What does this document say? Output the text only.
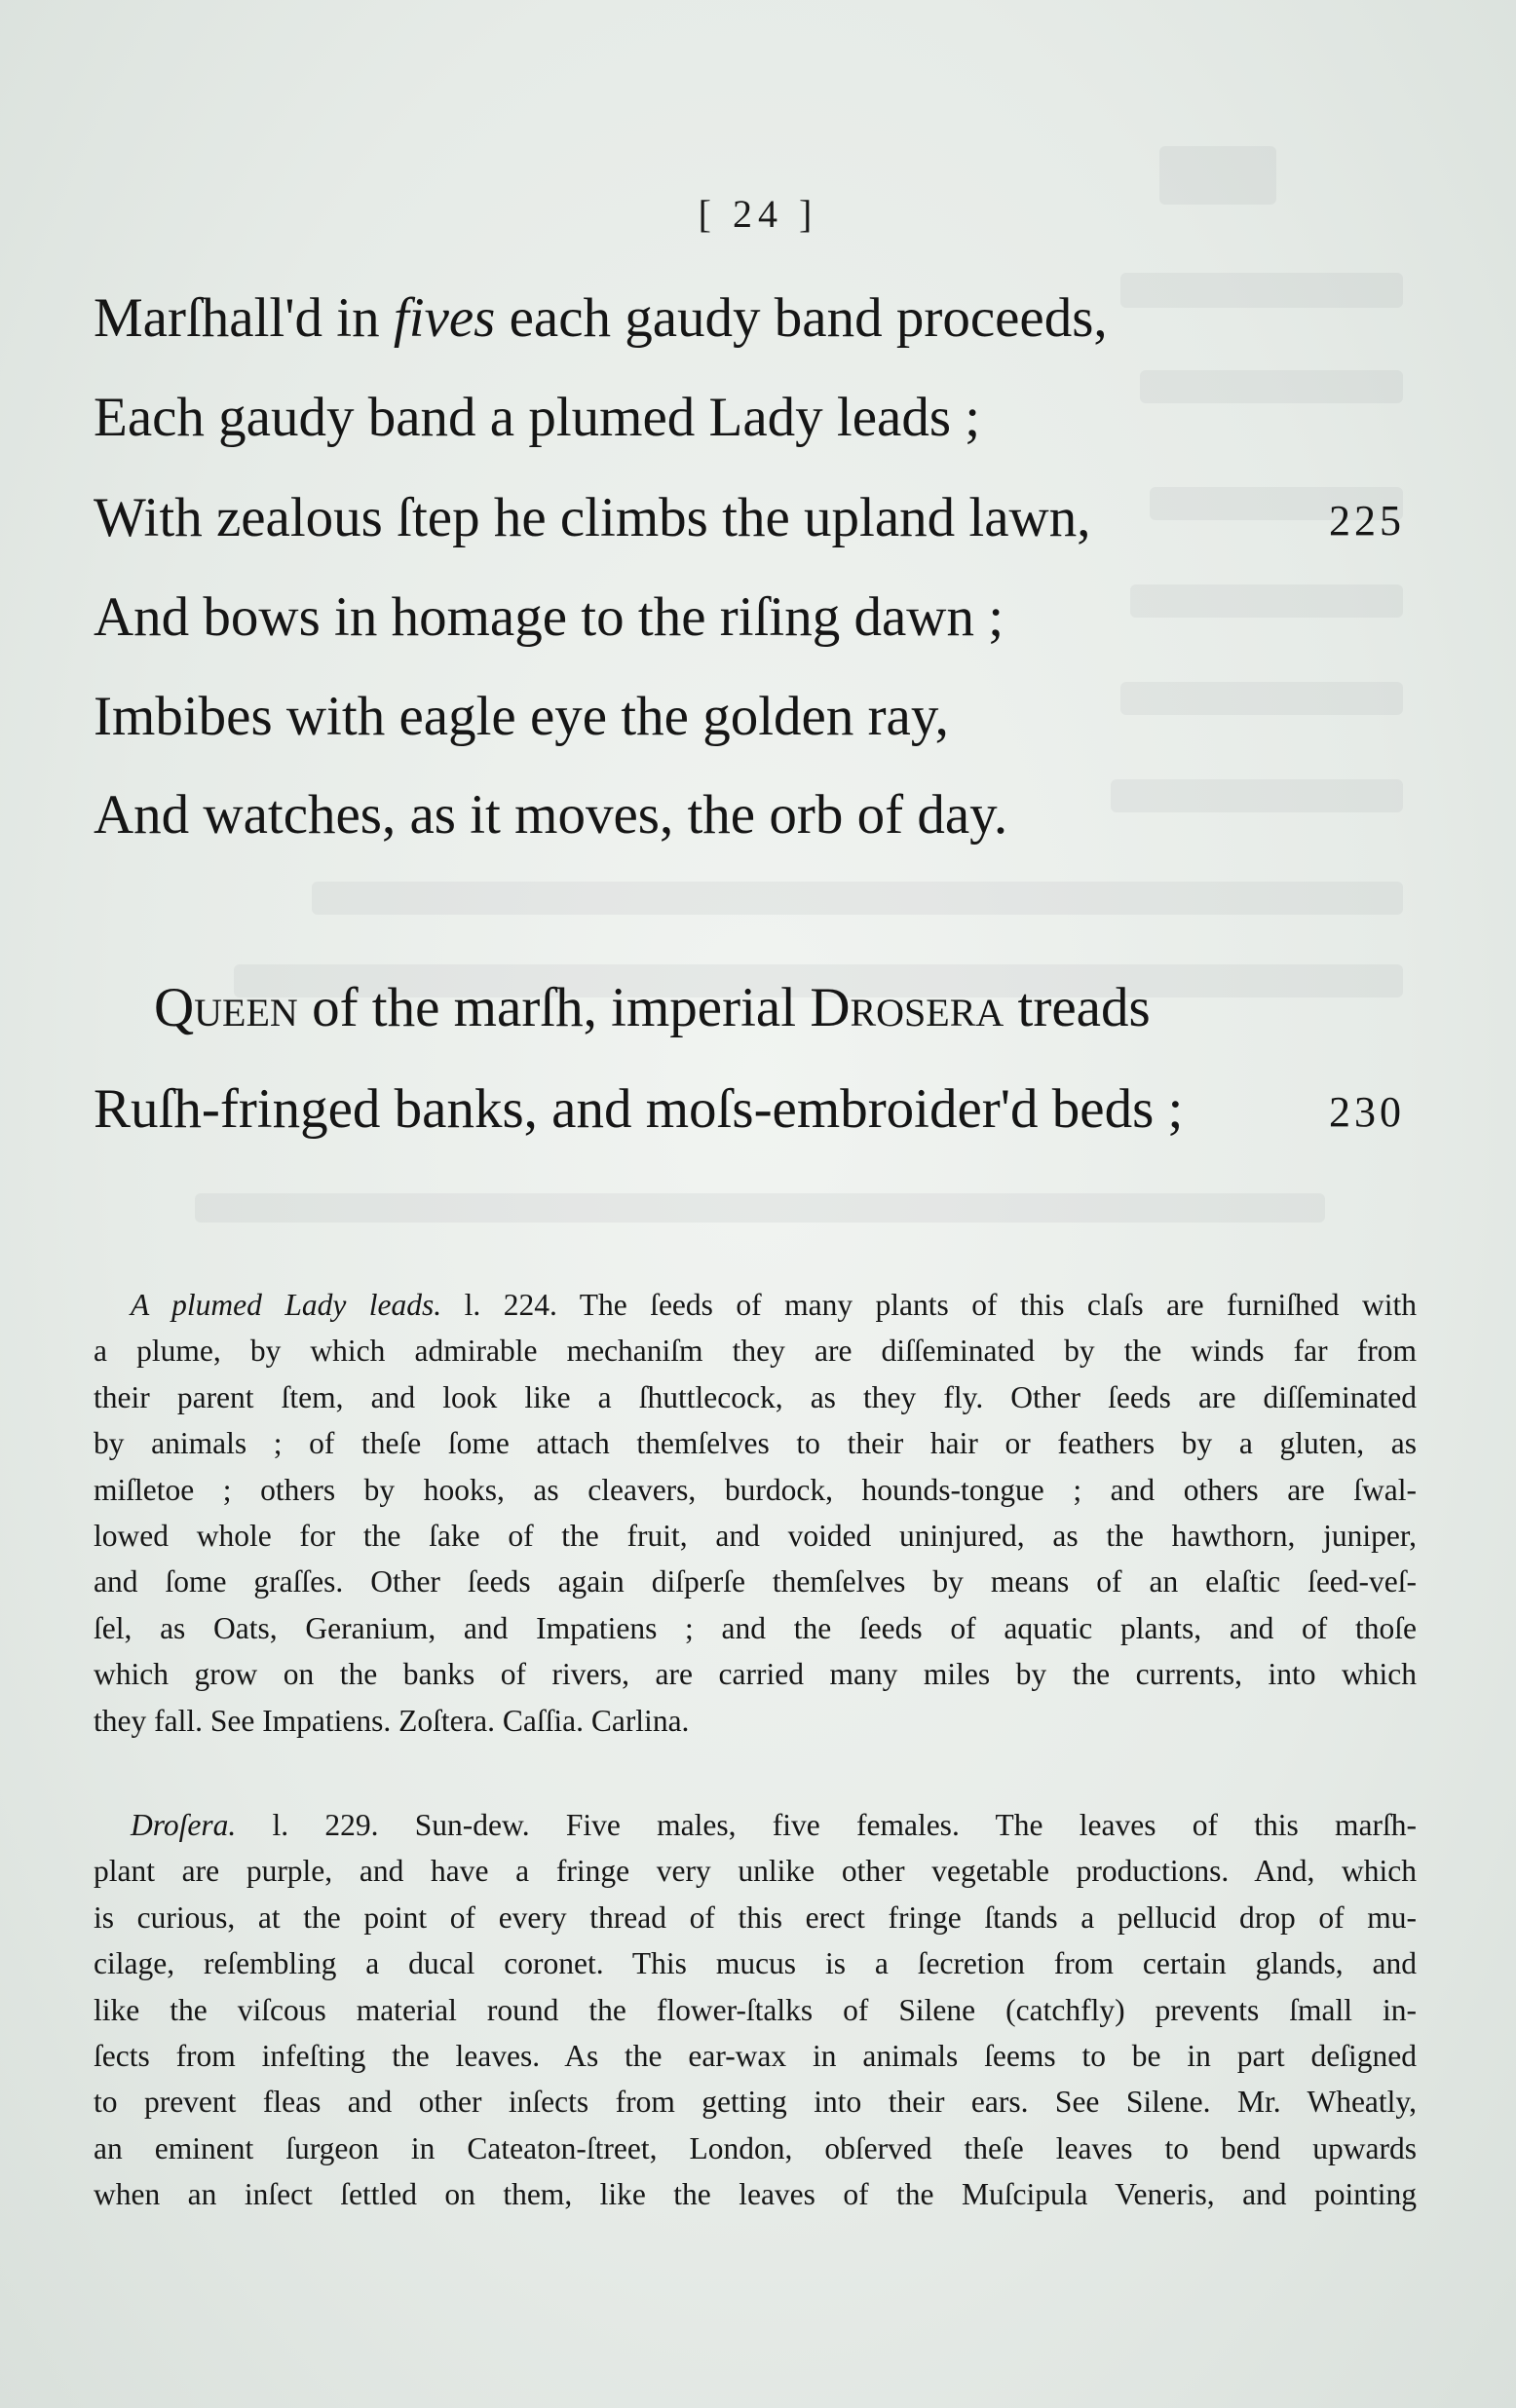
[ 24 ]
Marſhall'd in fives each gaudy band proceeds,
Each gaudy band a plumed Lady leads ;
With zealous ſtep he climbs the upland lawn,	225
And bows in homage to the riſing dawn ;
Imbibes with eagle eye the golden ray,
And watches, as it moves, the orb of day.
Queen of the marſh, imperial Drosera treads
Ruſh-fringed banks, and moſs-embroider'd beds ;	230
A plumed Lady leads. l. 224. The ſeeds of many plants of this claſs are furniſhed with
a plume, by which admirable mechaniſm they are diſſeminated by the winds far from
their parent ſtem, and look like a ſhuttlecock, as they fly. Other ſeeds are diſſeminated
by animals ; of theſe ſome attach themſelves to their hair or feathers by a gluten, as
miſletoe ; others by hooks, as cleavers, burdock, hounds-tongue ; and others are ſwal-
lowed whole for the ſake of the fruit, and voided uninjured, as the hawthorn, juniper,
and ſome graſſes. Other ſeeds again diſperſe themſelves by means of an elaſtic ſeed-veſ-
ſel, as Oats, Geranium, and Impatiens ; and the ſeeds of aquatic plants, and of thoſe
which grow on the banks of rivers, are carried many miles by the currents, into which
they fall. See Impatiens. Zoſtera. Caſſia. Carlina.
Droſera. l. 229. Sun-dew. Five males, five females. The leaves of this marſh-
plant are purple, and have a fringe very unlike other vegetable productions. And, which
is curious, at the point of every thread of this erect fringe ſtands a pellucid drop of mu-
cilage, reſembling a ducal coronet. This mucus is a ſecretion from certain glands, and
like the viſcous material round the flower-ſtalks of Silene (catchfly) prevents ſmall in-
ſects from infeſting the leaves. As the ear-wax in animals ſeems to be in part deſigned
to prevent fleas and other inſects from getting into their ears. See Silene. Mr. Wheatly,
an eminent ſurgeon in Cateaton-ſtreet, London, obſerved theſe leaves to bend upwards
when an inſect ſettled on them, like the leaves of the Muſcipula Veneris, and pointing
